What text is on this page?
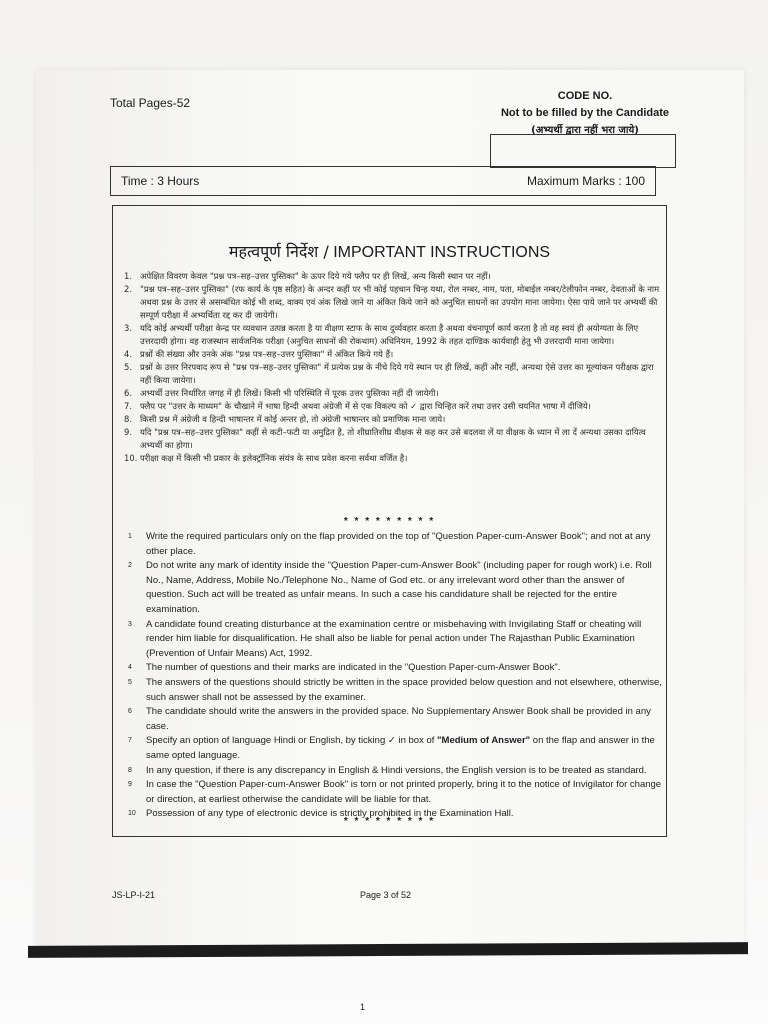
Total Pages-52	CODE NO.
Not to be filled by the Candidate
(अभ्यर्थी द्वारा नहीं भरा जाये)
Time : 3 Hours	Maximum Marks : 100
महत्वपूर्ण निर्देश / IMPORTANT INSTRUCTIONS
1. अपेक्षित विवरण केवल "प्रश्न पत्र–सह–उत्तर पुस्तिका" के ऊपर दिये गये फ्लैप पर ही लिखें, अन्य किसी स्थान पर नहीं।
2. "प्रश्न पत्र–सह–उत्तर पुस्तिका" (रफ कार्य के पृष्ठ सहित) के अन्दर कहीं पर भी कोई पहचान चिन्ह यथा, रोल नम्बर, नाम, पता, मोबाईल नम्बर/टेलीफोन नम्बर, देवताओं के नाम अथवा प्रश्न के उत्तर से असम्बंधित कोई भी शब्द, वाक्य एवं अंक लिखे जाने या अंकित किये जाने को अनुचित साधनों का उपयोग माना जायेगा। ऐसा पाये जाने पर अभ्यर्थी की सम्पूर्ण परीक्षा में अभ्यर्थिता रद्द कर दी जायेगी।
3. यदि कोई अभ्यर्थी परीक्षा केन्द्र पर व्यवधान उत्पन्न करता है या वीक्षण स्टाफ के साथ दुर्व्यवहार करता है अथवा वंचनापूर्ण कार्य करता है तो वह स्वयं ही अयोग्यता के लिए उत्तरदायी होगा। वह राजस्थान सार्वजनिक परीक्षा (अनुचित साधनों की रोकथाम) अधिनियम, 1992 के तहत दाण्डिक कार्यवाही हेतु भी उत्तरदायी माना जायेगा।
4. प्रश्नों की संख्या और उनके अंक "प्रश्न पत्र–सह–उत्तर पुस्तिका" में अंकित किये गये हैं।
5. प्रश्नों के उत्तर निरपवाद रूप से "प्रश्न पत्र–सह–उत्तर पुस्तिका" में प्रत्येक प्रश्न के नीचे दिये गये स्थान पर ही लिखें, कहीं और नहीं, अन्यथा ऐसे उत्तर का मूल्यांकन परीक्षक द्वारा नहीं किया जायेगा।
6. अभ्यर्थी उत्तर निर्धारित जगह में ही लिखें। किसी भी परिस्थिति में पूरक उत्तर पुस्तिका नहीं दी जायेगी।
7. फ्लैप पर "उत्तर के माध्यम" के चौखाने में भाषा हिन्दी अथवा अंग्रेजी में से एक विकल्प को ✓ द्वारा चिन्हित करें तथा उत्तर उसी चयनित भाषा में दीजिये।
8. किसी प्रश्न में अंग्रेजी व हिन्दी भाषान्तर में कोई अन्तर हो, तो अंग्रेजी भाषान्तर को प्रमाणिक माना जाये।
9. यदि "प्रश्न पत्र–सह–उत्तर पुस्तिका" कहीं से कटी–फटी या अमुद्रित है, तो शीघ्रातिशीघ्र वीक्षक से कह कर उसे बदलवा लें या वीक्षक के ध्यान में ला दें अन्यथा उसका दायित्व अभ्यर्थी का होगा।
10. परीक्षा कक्ष में किसी भी प्रकार के इलेक्ट्रॉनिक संयंत्र के साथ प्रवेश करना सर्वथा वर्जित है।
* * * * * * * * *
1 Write the required particulars only on the flap provided on the top of "Question Paper-cum-Answer Book"; and not at any other place.
2 Do not write any mark of identity inside the "Question Paper-cum-Answer Book" (including paper for rough work) i.e. Roll No., Name, Address, Mobile No./Telephone No., Name of God etc. or any irrelevant word other than the answer of question. Such act will be treated as unfair means. In such a case his candidature shall be rejected for the entire examination.
3 A candidate found creating disturbance at the examination centre or misbehaving with Invigilating Staff or cheating will render him liable for disqualification. He shall also be liable for penal action under The Rajasthan Public Examination (Prevention of Unfair Means) Act, 1992.
4 The number of questions and their marks are indicated in the "Question Paper-cum-Answer Book".
5 The answers of the questions should strictly be written in the space provided below question and not elsewhere, otherwise, such answer shall not be assessed by the examiner.
6 The candidate should write the answers in the provided space. No Supplementary Answer Book shall be provided in any case.
7 Specify an option of language Hindi or English, by ticking ✓ in box of "Medium of Answer" on the flap and answer in the same opted language.
8 In any question, if there is any discrepancy in English & Hindi versions, the English version is to be treated as standard.
9 In case the "Question Paper-cum-Answer Book" is torn or not printed properly, bring it to the notice of Invigilator for change or direction, at earliest otherwise the candidate will be liable for that.
10 Possession of any type of electronic device is strictly prohibited in the Examination Hall.
* * * * * * * * *
JS-LP-I-21	Page 3 of 52
1
